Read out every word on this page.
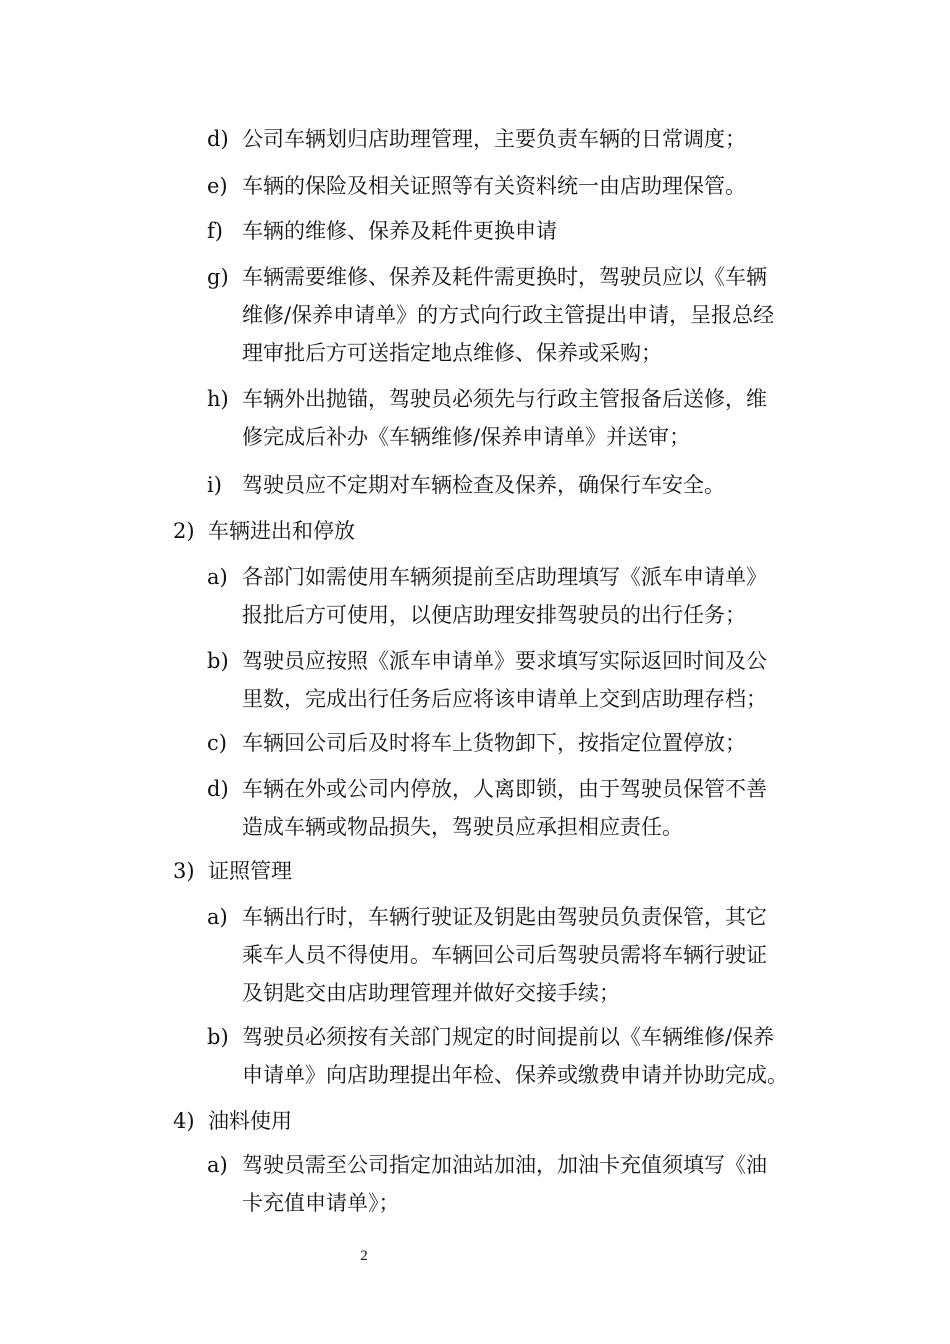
d) 公司车辆划归店助理管理，主要负责车辆的日常调度；
e) 车辆的保险及相关证照等有关资料统一由店助理保管。
f) 车辆的维修、保养及耗件更换申请
g) 车辆需要维修、保养及耗件需更换时，驾驶员应以《车辆
维修/保养申请单》的方式向行政主管提出申请，呈报总经
理审批后方可送指定地点维修、保养或采购；
h) 车辆外出抛锚，驾驶员必须先与行政主管报备后送修，维
修完成后补办《车辆维修/保养申请单》并送审；
i) 驾驶员应不定期对车辆检查及保养，确保行车安全。
2) 车辆进出和停放
a) 各部门如需使用车辆须提前至店助理填写《派车申请单》
报批后方可使用，以便店助理安排驾驶员的出行任务；
b) 驾驶员应按照《派车申请单》要求填写实际返回时间及公
里数，完成出行任务后应将该申请单上交到店助理存档；
c) 车辆回公司后及时将车上货物卸下，按指定位置停放；
d) 车辆在外或公司内停放，人离即锁，由于驾驶员保管不善
造成车辆或物品损失，驾驶员应承担相应责任。
3) 证照管理
a) 车辆出行时，车辆行驶证及钥匙由驾驶员负责保管，其它
乘车人员不得使用。车辆回公司后驾驶员需将车辆行驶证
及钥匙交由店助理管理并做好交接手续；
b) 驾驶员必须按有关部门规定的时间提前以《车辆维修/保养
申请单》向店助理提出年检、保养或缴费申请并协助完成。
4) 油料使用
a) 驾驶员需至公司指定加油站加油，加油卡充值须填写《油
卡充值申请单》；
2
